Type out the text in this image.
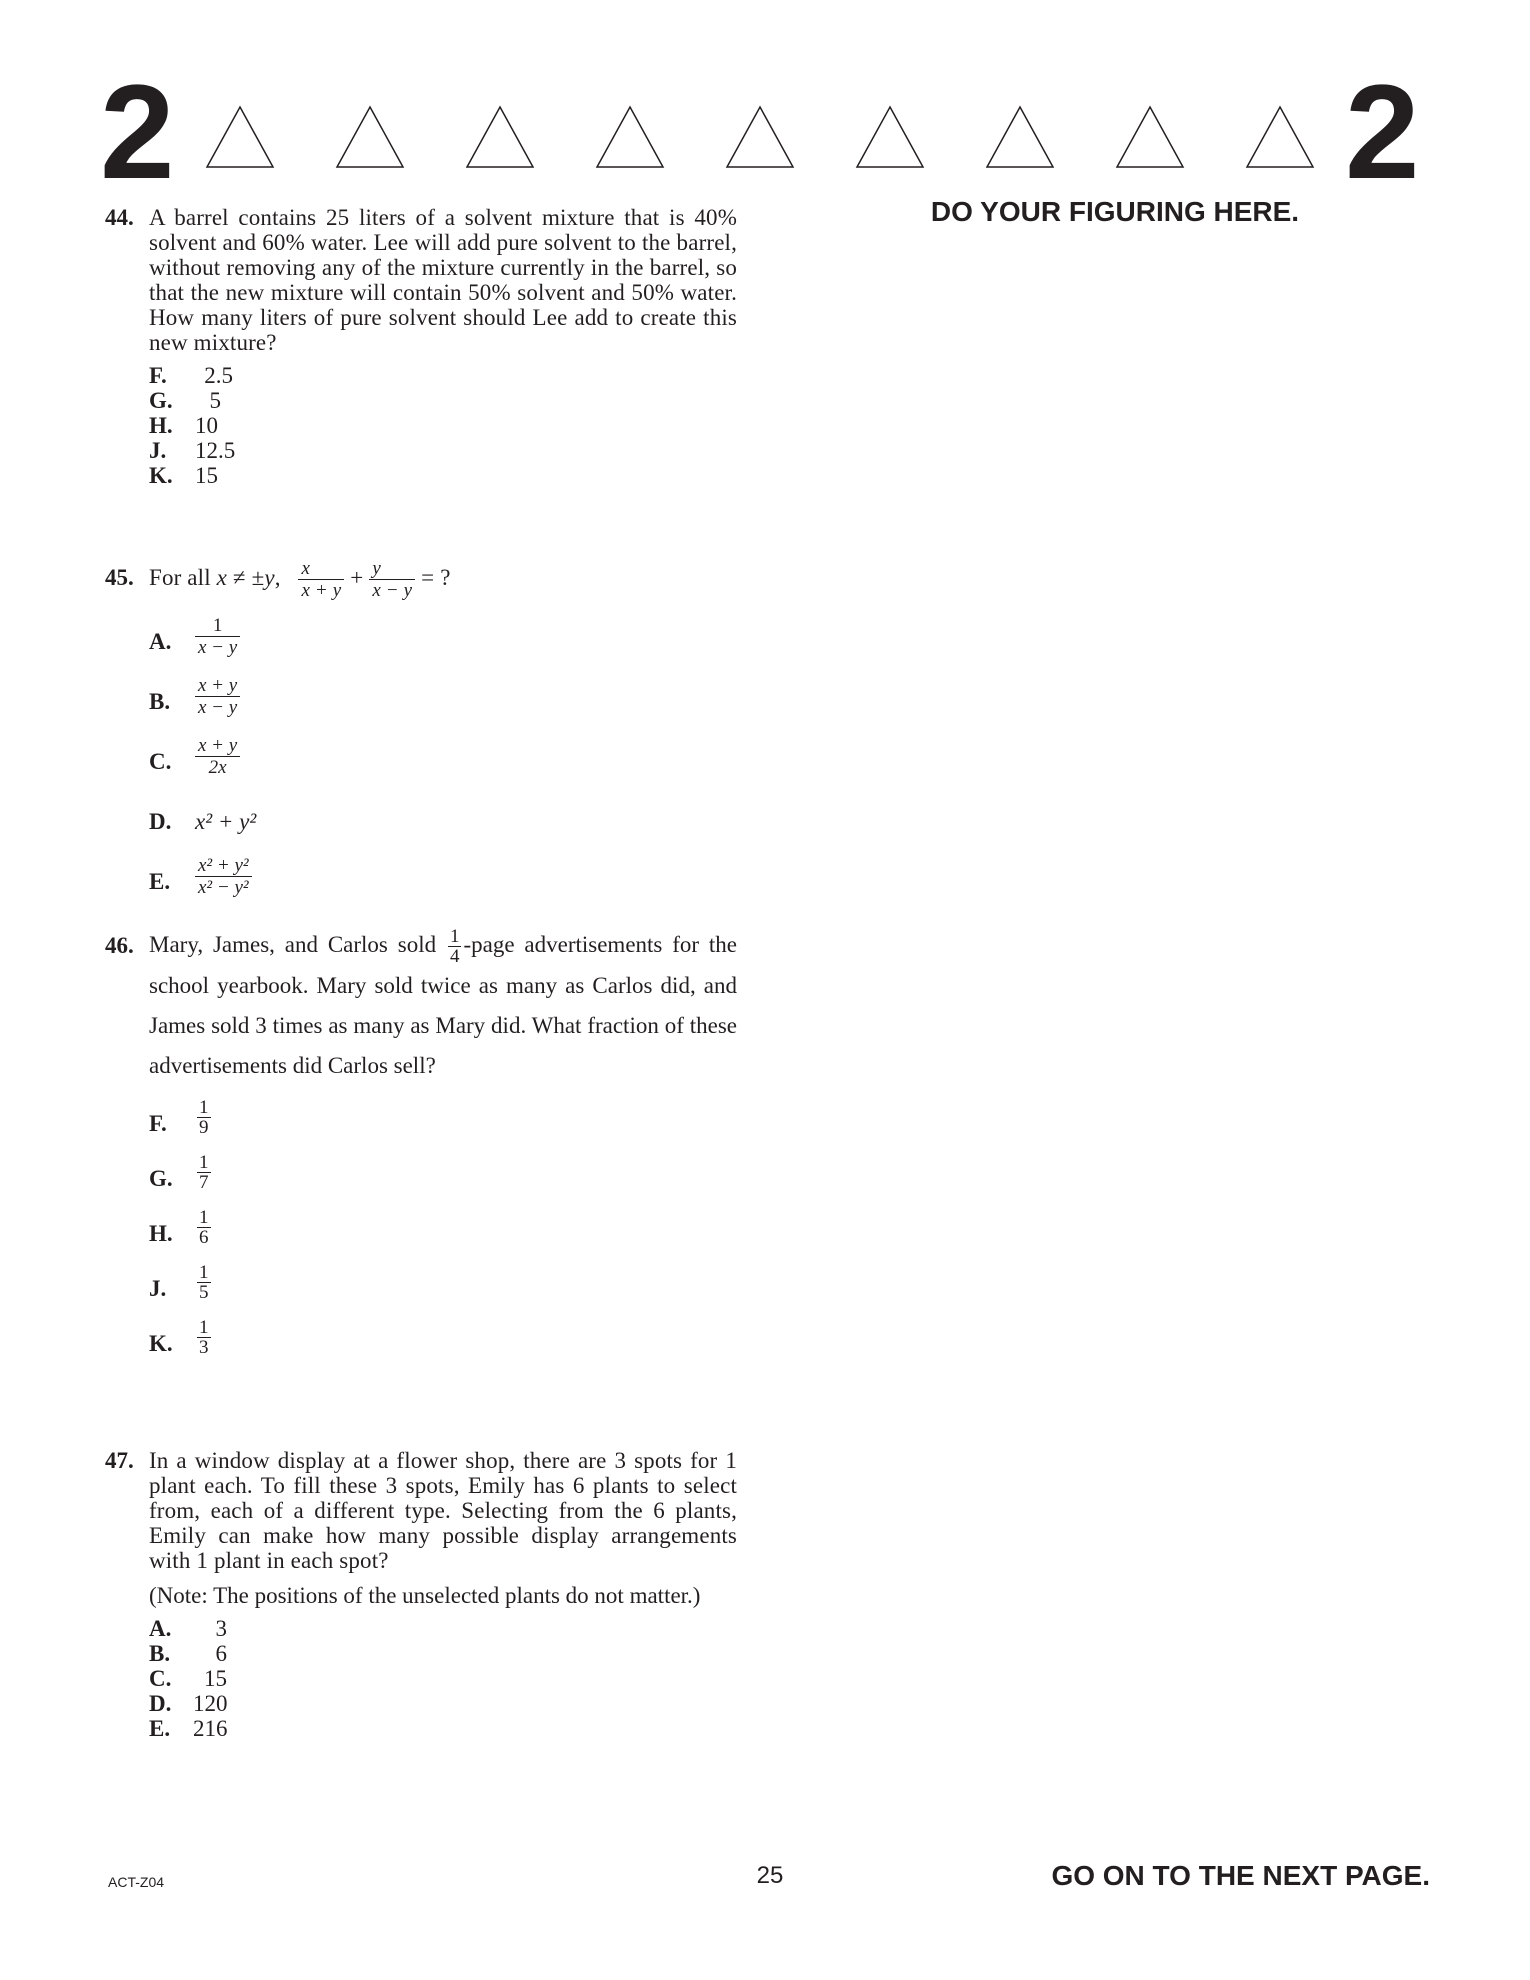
2	2
DO YOUR FIGURING HERE.
44. A barrel contains 25 liters of a solvent mixture that is 40% solvent and 60% water. Lee will add pure solvent to the barrel, without removing any of the mixture currently in the barrel, so that the new mixture will contain 50% solvent and 50% water. How many liters of pure solvent should Lee add to create this new mixture?
F.	2.5
G.	5
H. 10
J. 12.5
K. 15
45. For all x ≠ ±y, $\frac{x}{x + y} + \frac{y}{x - y}$ = ?
A. $\frac{1}{x - y}$
B. $\frac{x + y}{x - y}$
C. $\frac{x + y}{2x}$
D. x² + y²
E. $\frac{\text{x² + y²}}{\text{x² − y²}}$
46. Mary, James, and Carlos sold $\frac{1}{4}$ -page advertisements for the school yearbook. Mary sold twice as many as Carlos did, and James sold 3 times as many as Mary did. What fraction of these advertisements did Carlos sell?
F. $\frac{1}{9}$
G. $\frac{1}{7}$
H. $\frac{1}{6}$
J. $\frac{1}{5}$
K. $\frac{1}{3}$
47. In a window display at a flower shop, there are 3 spots for 1 plant each. To fill these 3 spots, Emily has 6 plants to select from, each of a different type. Selecting from the 6 plants, Emily can make how many possible display arrangements with 1 plant in each spot?
(Note: The positions of the unselected plants do not matter.)
A.	3
B.	6
C.	15
D. 120
E. 216
ACT-Z04	25	GO ON TO THE NEXT PAGE.
